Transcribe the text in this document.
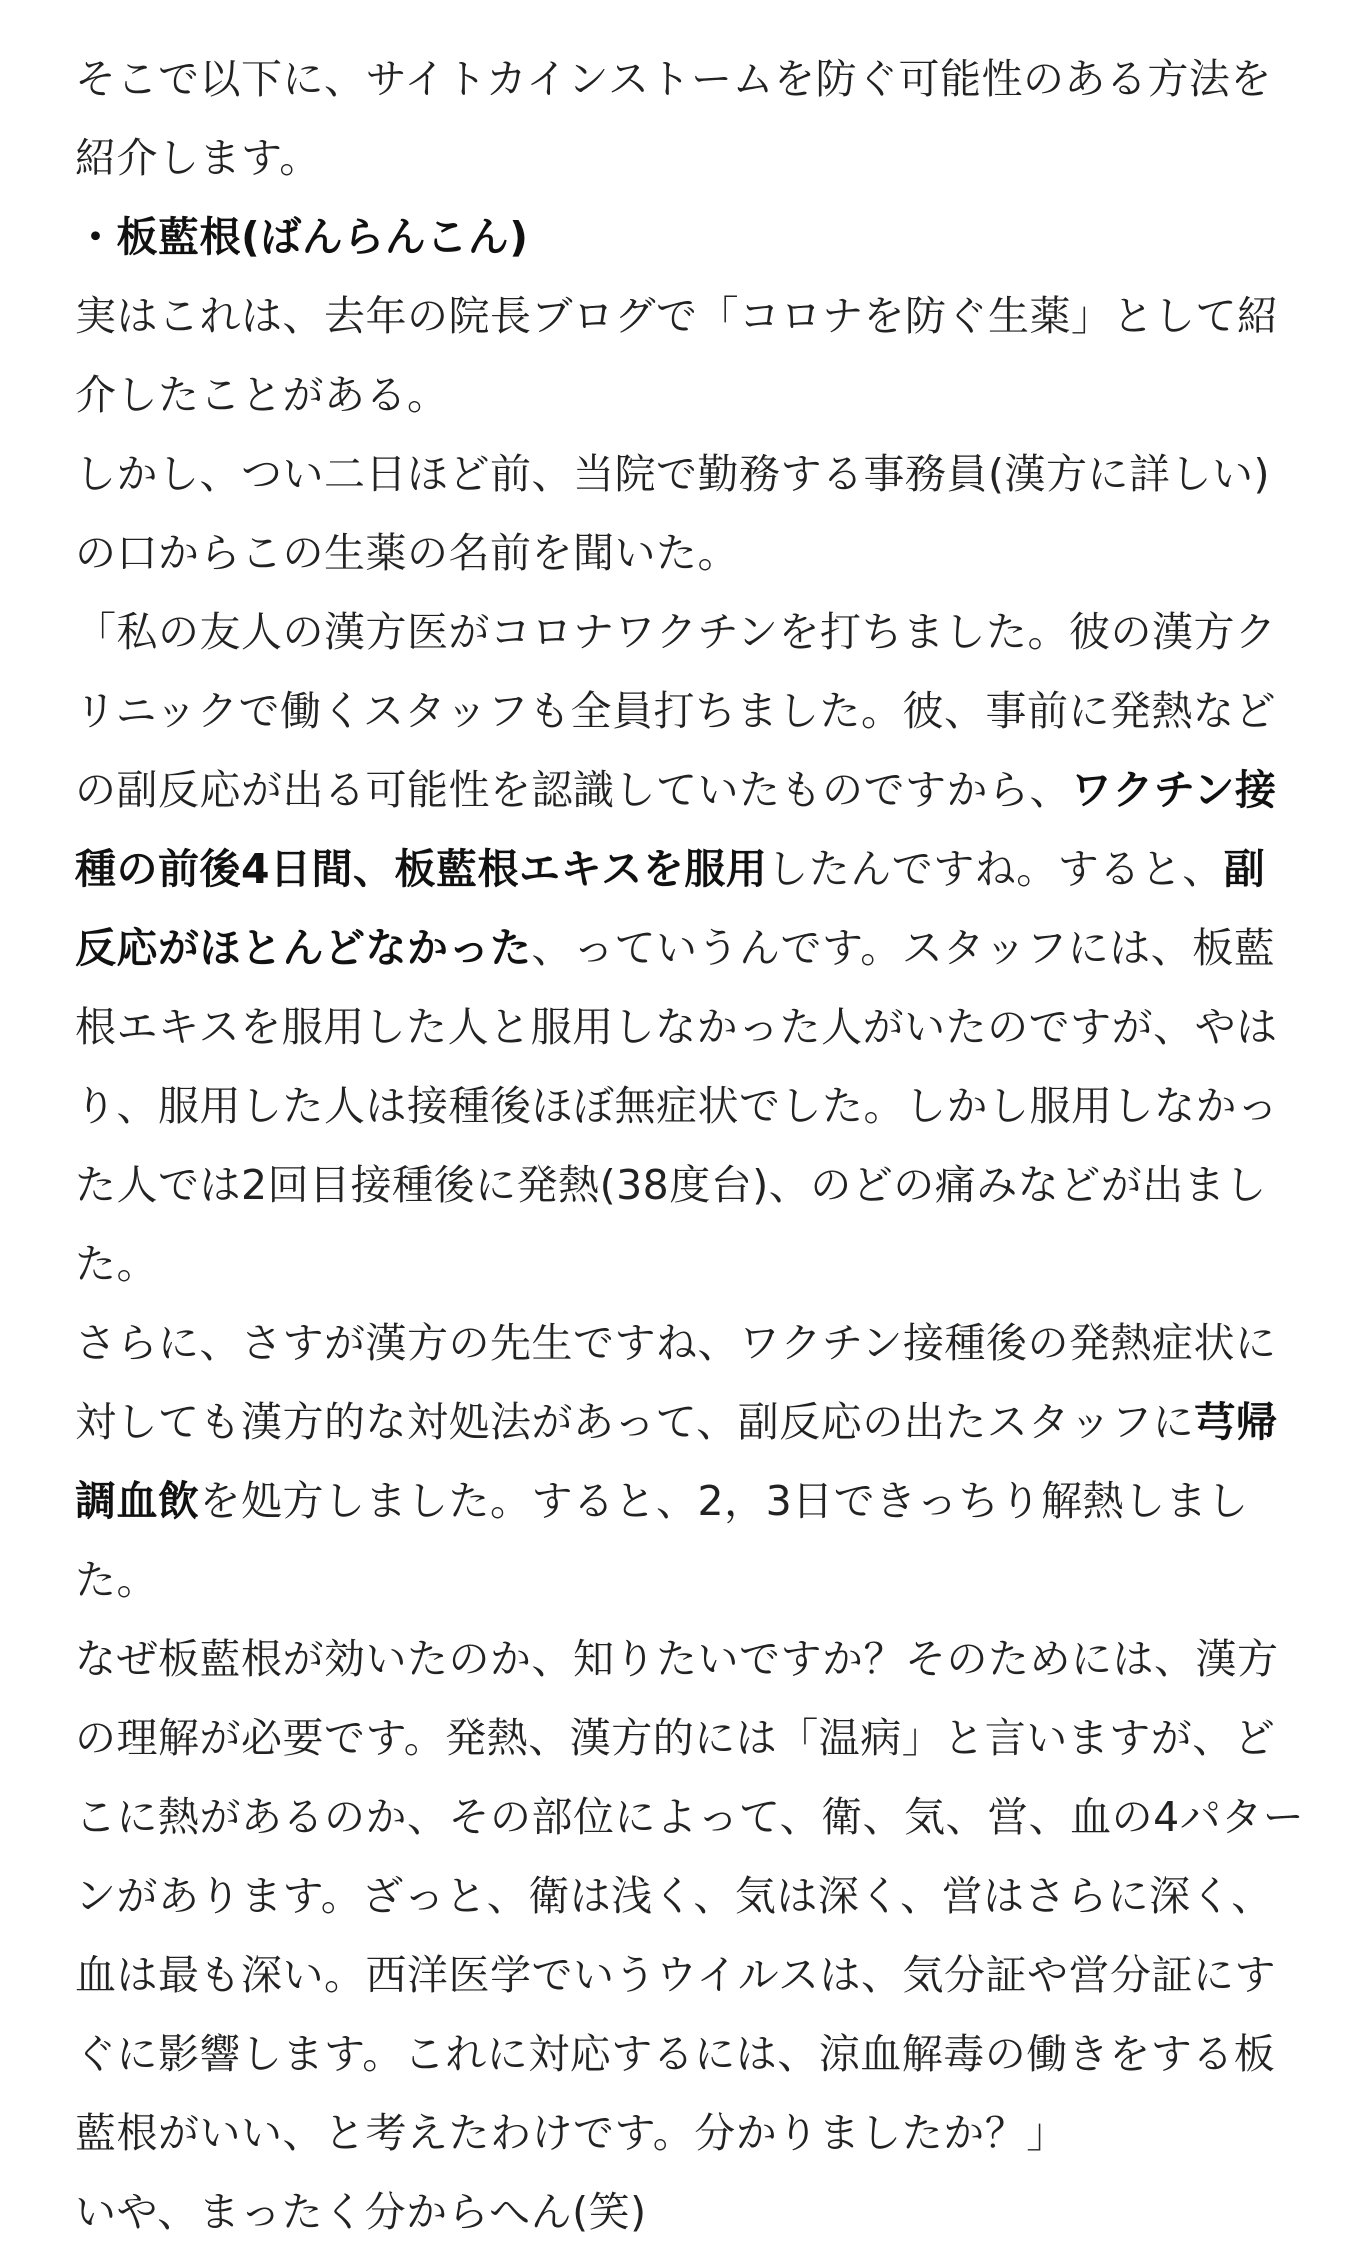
そこで以下に、サイトカインストームを防ぐ可能性のある方法を紹介します。

・板藍根(ばんらんこん)

実はこれは、去年の院長ブログで「コロナを防ぐ生薬」として紹介したことがある。

しかし、つい二日ほど前、当院で勤務する事務員(漢方に詳しい)の口からこの生薬の名前を聞いた。

「私の友人の漢方医がコロナワクチンを打ちました。彼の漢方クリニックで働くスタッフも全員打ちました。彼、事前に発熱などの副反応が出る可能性を認識していたものですから、ワクチン接種の前後4日間、板藍根エキスを服用したんですね。すると、副反応がほとんどなかった、っていうんです。スタッフには、板藍根エキスを服用した人と服用しなかった人がいたのですが、やはり、服用した人は接種後ほぼ無症状でした。しかし服用しなかった人では2回目接種後に発熱(38度台)、のどの痛みなどが出ました。

さらに、さすが漢方の先生ですね、ワクチン接種後の発熱症状に対しても漢方的な対処法があって、副反応の出たスタッフに芎帰調血飲を処方しました。すると、2，3日できっちり解熱しました。

なぜ板藍根が効いたのか、知りたいですか？そのためには、漢方の理解が必要です。発熱、漢方的には「温病」と言いますが、どこに熱があるのか、その部位によって、衛、気、営、血の4パターンがあります。ざっと、衛は浅く、気は深く、営はさらに深く、血は最も深い。西洋医学でいうウイルスは、気分証や営分証にすぐに影響します。これに対応するには、涼血解毒の働きをする板藍根がいい、と考えたわけです。分かりましたか？」

いや、まったく分からへん(笑)
